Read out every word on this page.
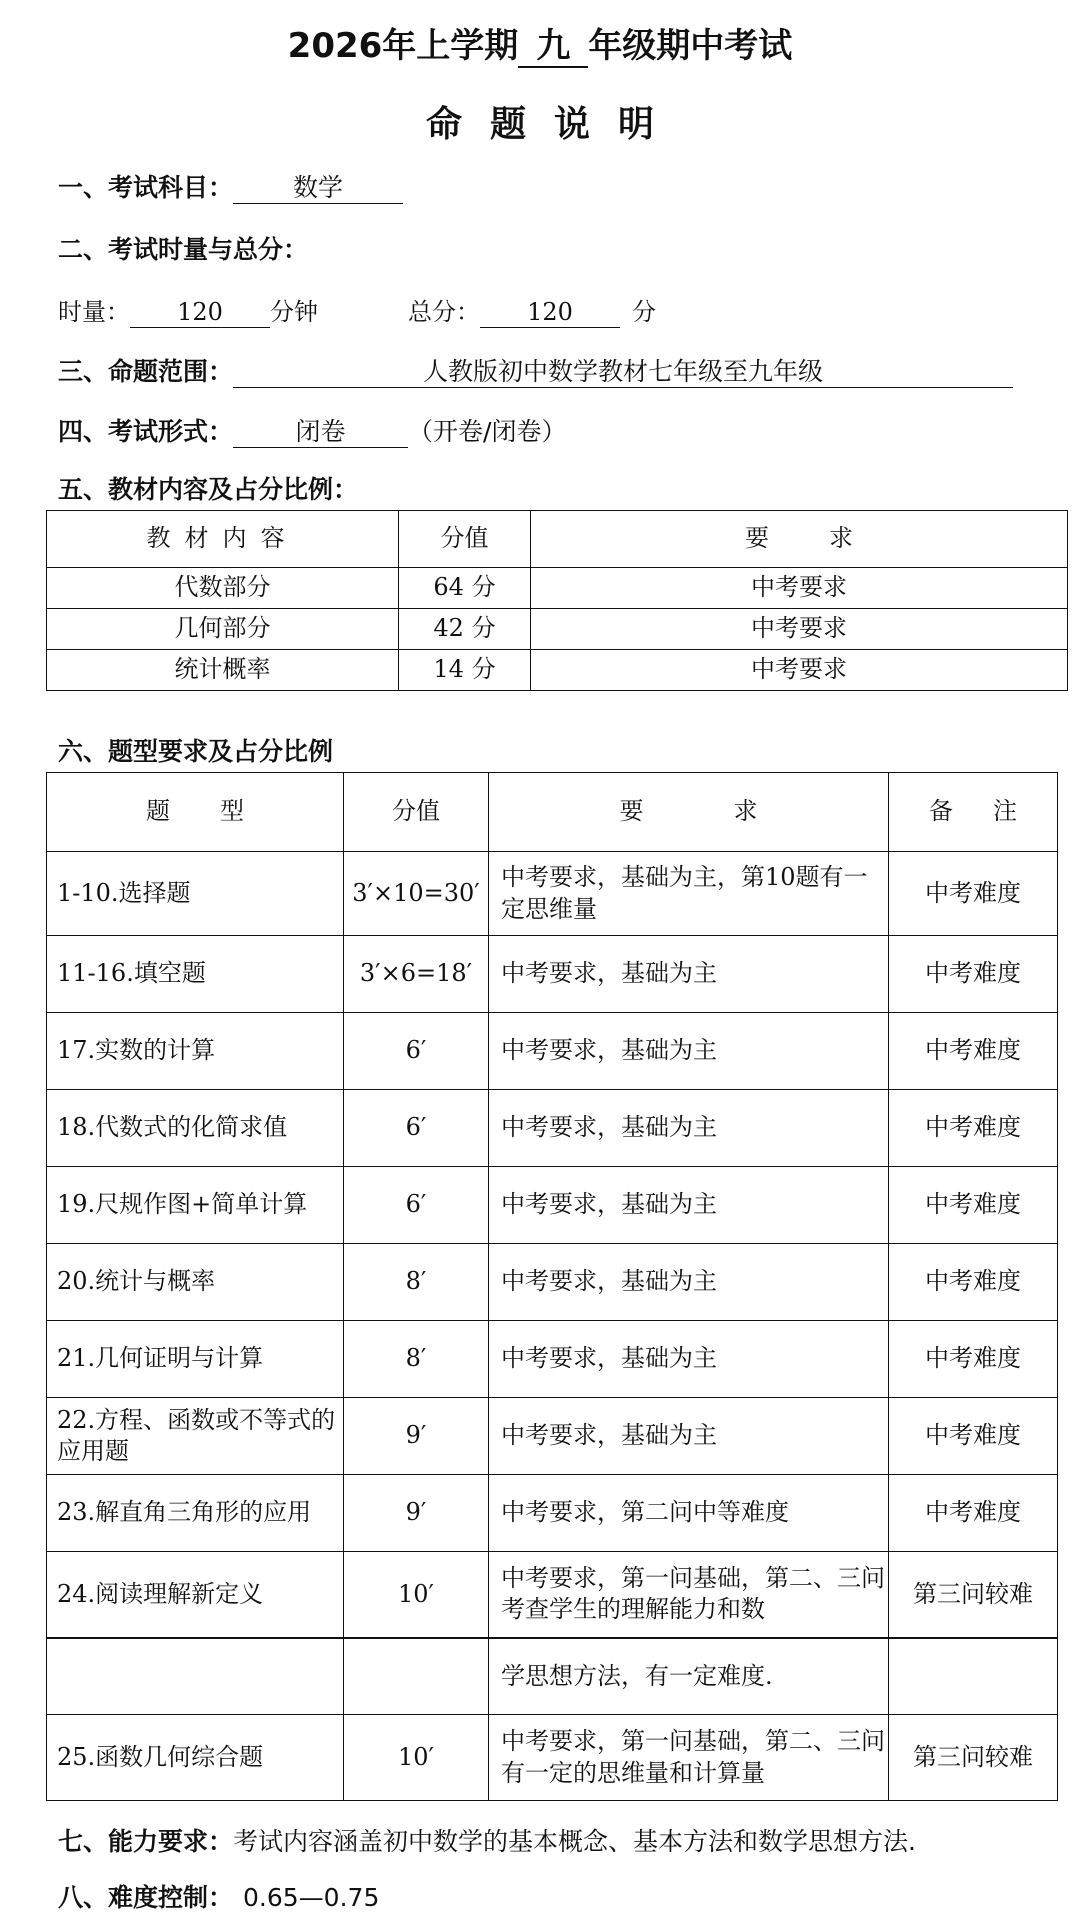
2026年上学期 九 年级期中考试
命题说明
一、考试科目： 数学
二、考试时量与总分：
时量： 120 分钟	总分： 120 分
三、命题范围：	人教版初中数学教材七年级至九年级
四、考试形式： 闭卷	（开卷/闭卷）
五、教材内容及占分比例：
教材内容	分值	要求
代数部分	64 分	中考要求
几何部分	42 分	中考要求
统计概率	14 分	中考要求
六、题型要求及占分比例
题型	分值	要求	备注
1-10.选择题	3′×10=30′	中考要求，基础为主，第10题有一定思维量	中考难度
11-16.填空题	3′×6=18′	中考要求，基础为主	中考难度
17.实数的计算	6′	中考要求，基础为主	中考难度
18.代数式的化简求值	6′	中考要求，基础为主	中考难度
19.尺规作图+简单计算	6′	中考要求，基础为主	中考难度
20.统计与概率	8′	中考要求，基础为主	中考难度
21.几何证明与计算	8′	中考要求，基础为主	中考难度
22.方程、函数或不等式的应用题	9′	中考要求，基础为主	中考难度
23.解直角三角形的应用	9′	中考要求，第二问中等难度	中考难度
24.阅读理解新定义	10′	中考要求，第一问基础，第二、三问考查学生的理解能力和数	第三问较难
		学思想方法，有一定难度.	
25.函数几何综合题	10′	中考要求，第一问基础，第二、三问有一定的思维量和计算量	第三问较难
七、能力要求：考试内容涵盖初中数学的基本概念、基本方法和数学思想方法.
八、难度控制： 0.65—0.75
